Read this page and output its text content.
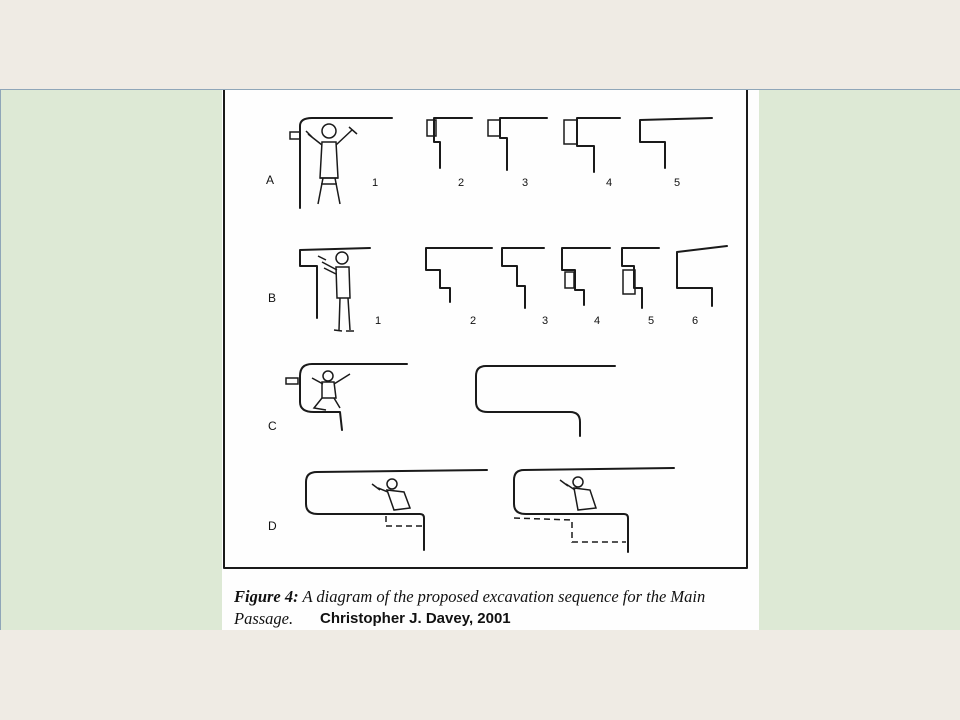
A	1	2	3	4	5
B
1	2	3	4	5	6
C
D
Figure 4: A diagram of the proposed excavation sequence for the Main Passage.	Christopher J. Davey, 2001
